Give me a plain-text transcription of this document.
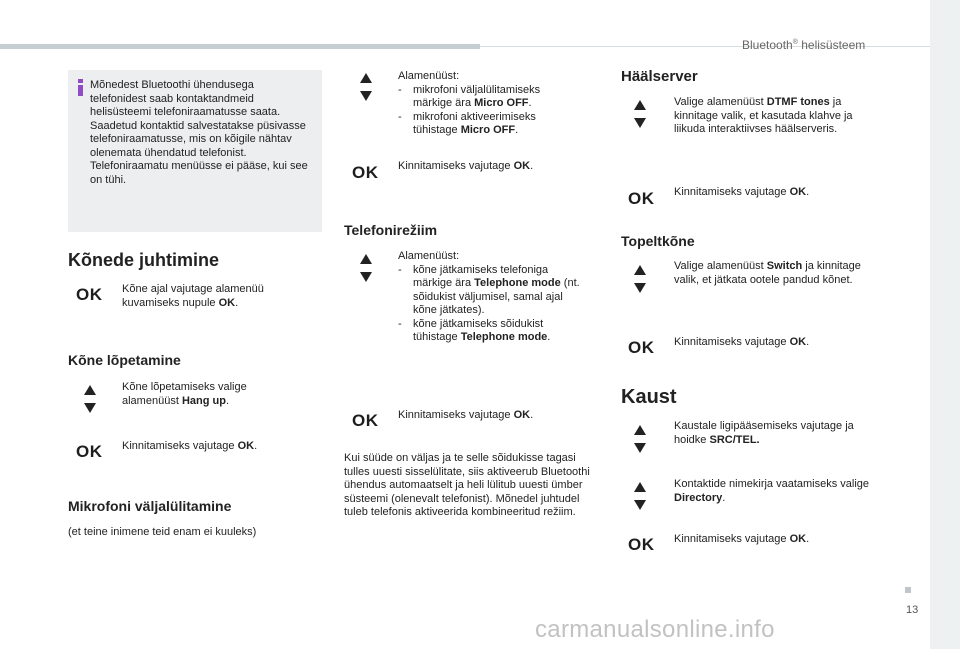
Bluetooth® helisüsteem

Mõnedest Bluetoothi ühendusega telefonidest saab kontaktandmeid helisüsteemi telefoniraamatusse saata. Saadetud kontaktid salvestatakse püsivasse telefoniraamatusse, mis on kõigile nähtav olenemata ühendatud telefonist.

Telefoniraamatu menüüsse ei pääse, kui see on tühi.

Kõnede juhtimine
OK Kõne ajal vajutage alamenüü kuvamiseks nupule OK.
Kõne lõpetamine
Kõne lõpetamiseks valige alamenüüst Hang up.
OK Kinnitamiseks vajutage OK.
Mikrofoni väljalülitamine
(et teine inimene teid enam ei kuuleks)

Alamenüüst:

- mikrofoni väljalülitamiseks märkige ära Micro OFF.
- mikrofoni aktiveerimiseks tühistage Micro OFF.
OK Kinnitamiseks vajutage OK.
Telefonirežiim

Alamenüüst:

- kõne jätkamiseks telefoniga märkige ära Telephone mode (nt. sõidukist väljumisel, samal ajal kõne jätkates).
- kõne jätkamiseks sõidukist tühistage Telephone mode.
OK Kinnitamiseks vajutage OK.
Kui süüde on väljas ja te selle sõidukisse tagasi tulles uuesti sisselülitate, siis aktiveerub Bluetoothi ühendus automaatselt ja heli lülitub uuesti ümber süsteemi (olenevalt telefonist). Mõnedel juhtudel tuleb telefonis aktiveerida kombineeritud režiim.
Häälserver
Valige alamenüüst DTMF tones ja kinnitage valik, et kasutada klahve ja liikuda interaktiivses häälserveris.
OK Kinnitamiseks vajutage OK.
Topeltkõne
Valige alamenüüst Switch ja kinnitage valik, et jätkata ootele pandud kõnet.
OK Kinnitamiseks vajutage OK.
Kaust
Kaustale ligipääsemiseks vajutage ja hoidke SRC/TEL.
Kontaktide nimekirja vaatamiseks valige Directory.
OK Kinnitamiseks vajutage OK.
13
carmanualsonline.info
